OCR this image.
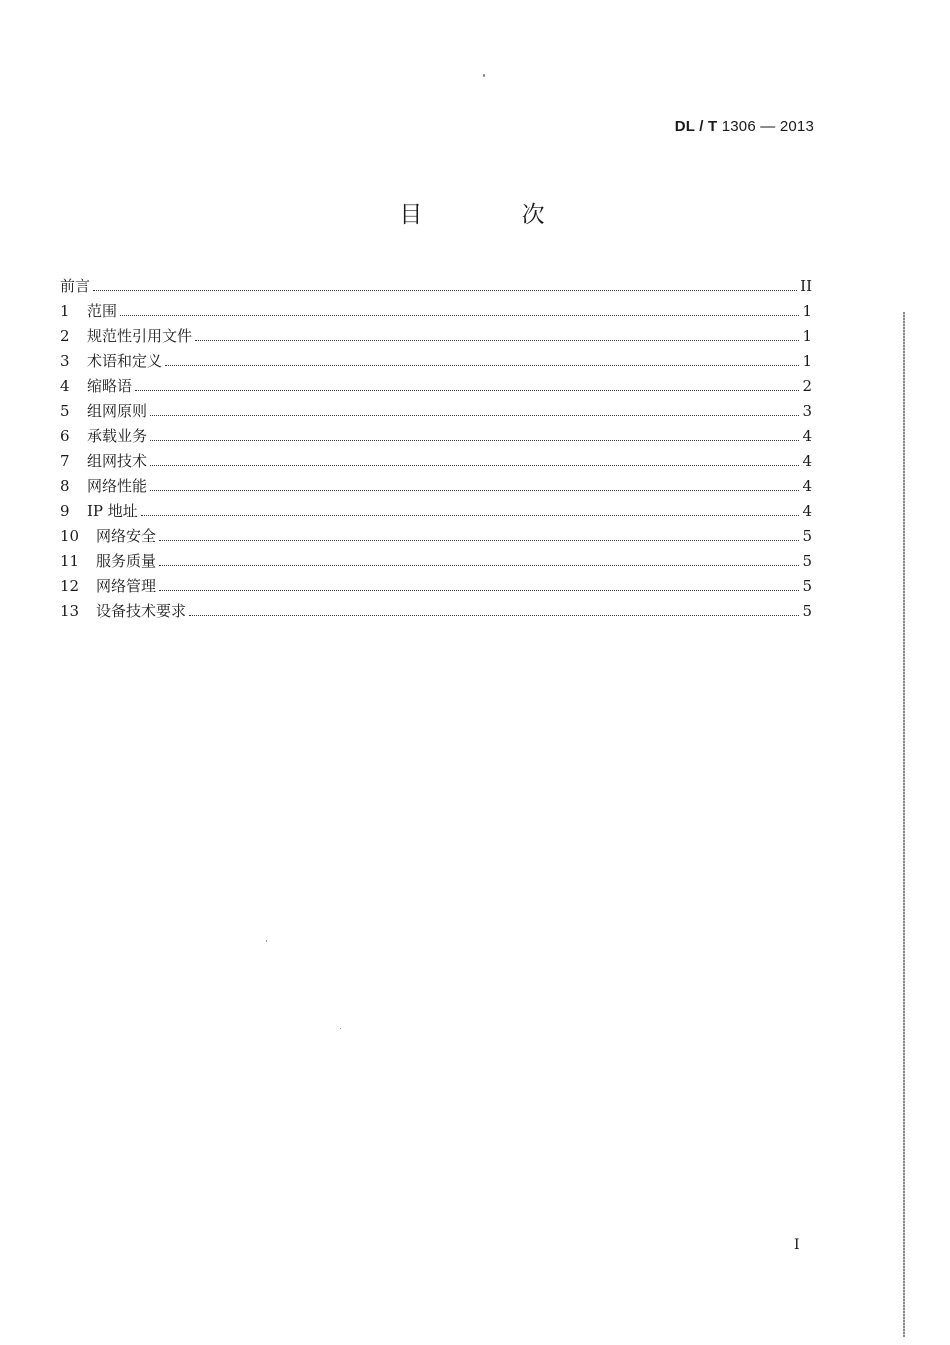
DL / T 1306 — 2013
目 次
前言	II
1	范围	1
2	规范性引用文件	1
3	术语和定义	1
4	缩略语	2
5	组网原则	3
6	承载业务	4
7	组网技术	4
8	网络性能	4
9	IP 地址	4
10	网络安全	5
11	服务质量	5
12	网络管理	5
13	设备技术要求	5
I
